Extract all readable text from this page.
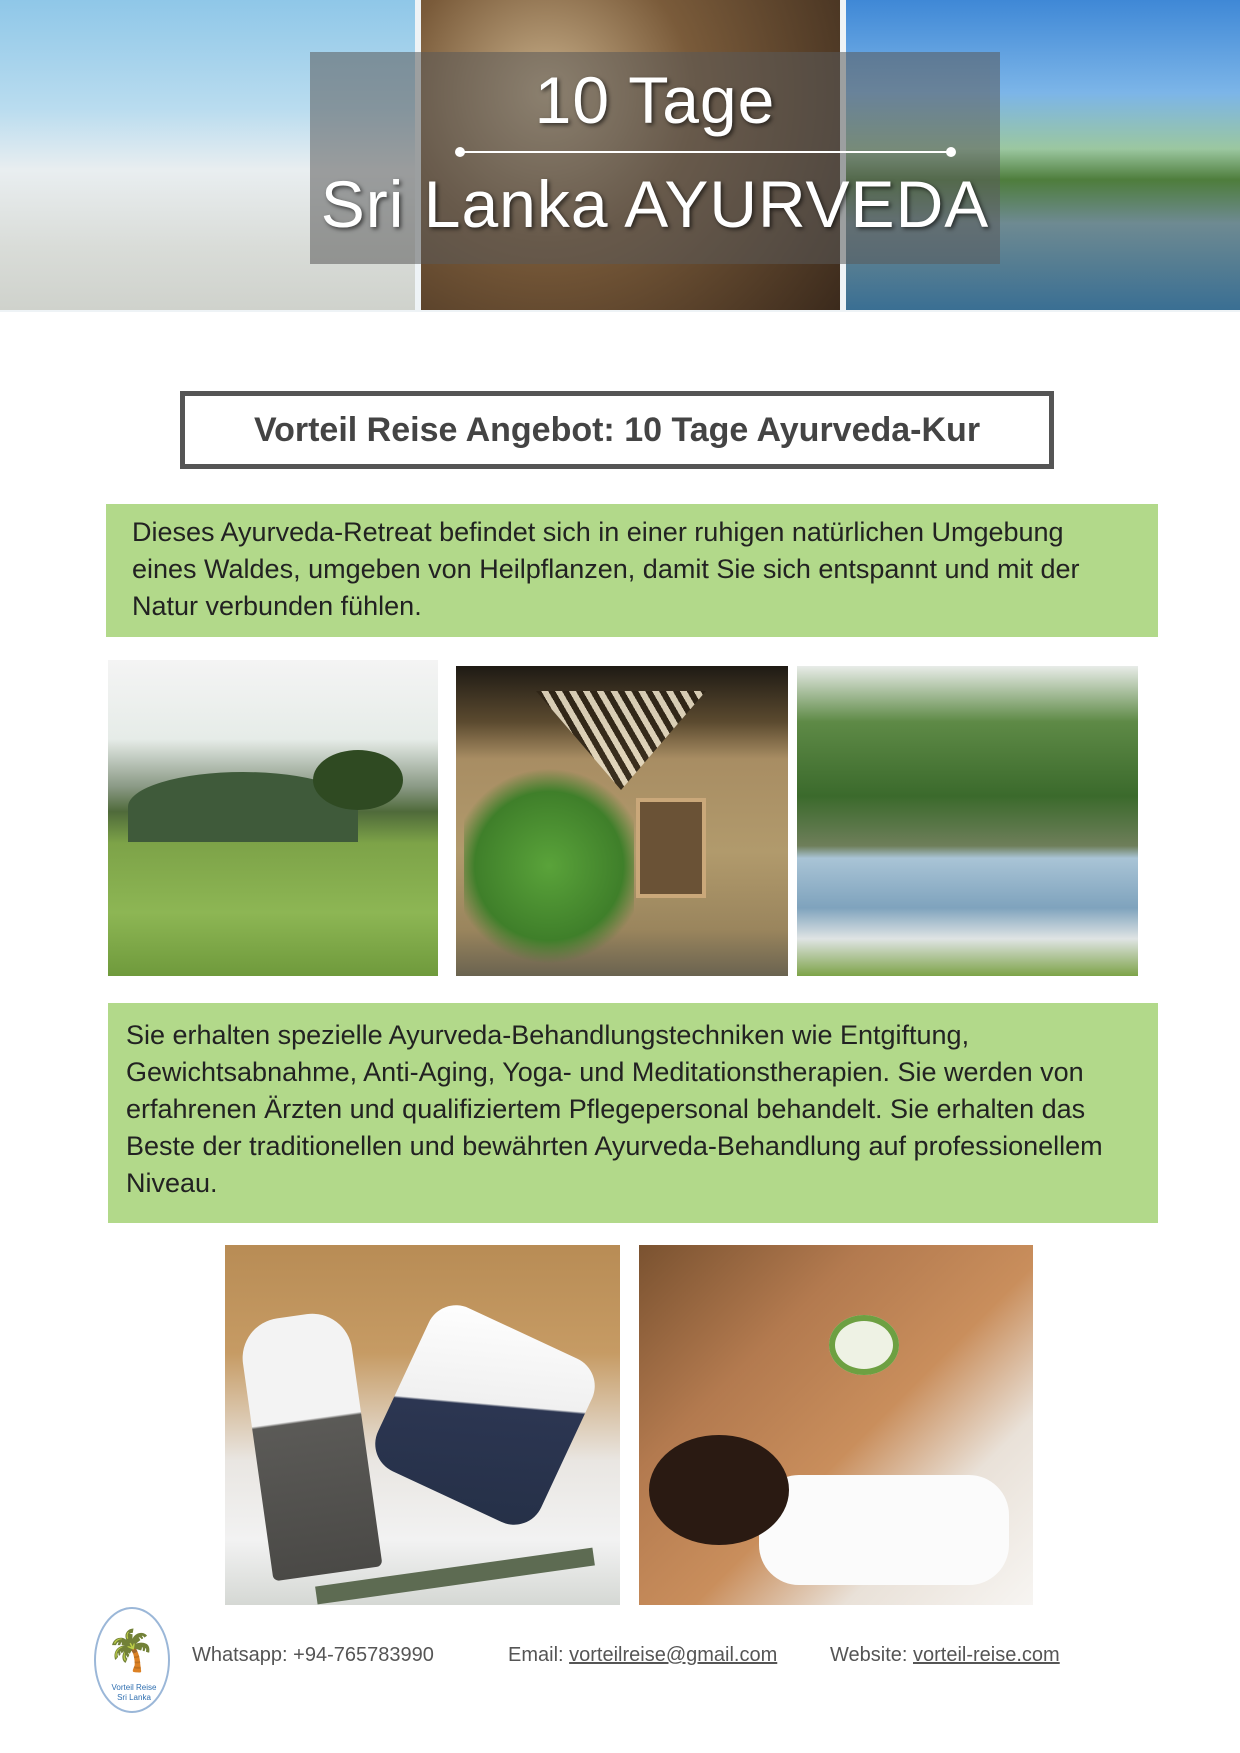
10 Tage
Sri Lanka AYURVEDA
Vorteil Reise Angebot: 10 Tage Ayurveda-Kur
Dieses Ayurveda-Retreat befindet sich in einer ruhigen natürlichen Umgebung eines Waldes, umgeben von Heilpflanzen, damit Sie sich entspannt und mit der Natur verbunden fühlen.
Sie erhalten spezielle Ayurveda-Behandlungstechniken wie Entgiftung, Gewichtsabnahme, Anti-Aging, Yoga- und Meditationstherapien. Sie werden von erfahrenen Ärzten und qualifiziertem Pflegepersonal behandelt. Sie erhalten das Beste der traditionellen und bewährten Ayurveda-Behandlung auf professionellem Niveau.
🌴
Vorteil Reise
Sri Lanka
Whatsapp: +94-765783990	Email: vorteilreise@gmail.com	Website: vorteil-reise.com
